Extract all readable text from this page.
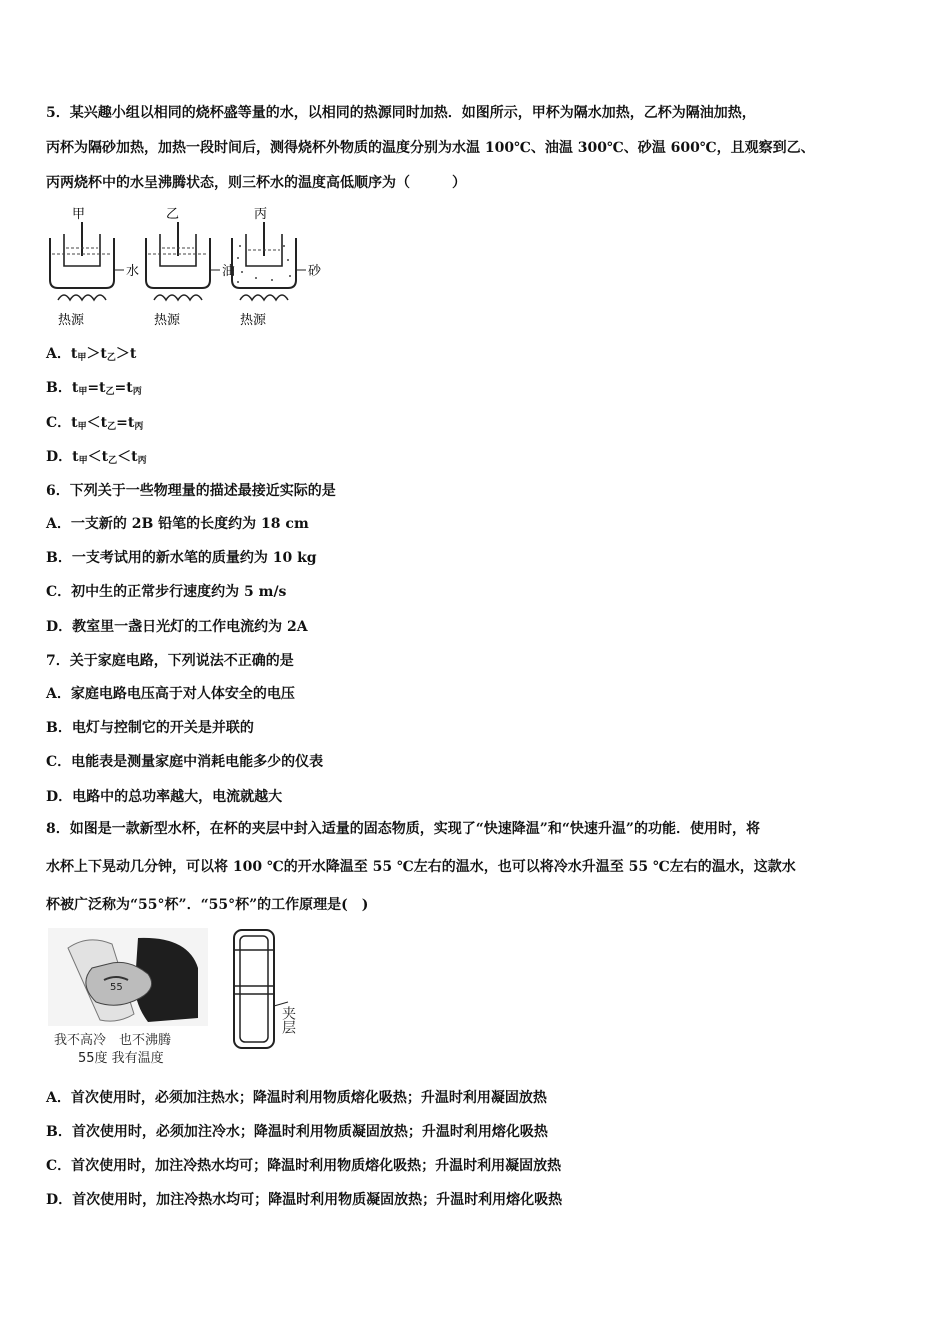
5．某兴趣小组以相同的烧杯盛等量的水，以相同的热源同时加热．如图所示，甲杯为隔水加热，乙杯为隔油加热，
丙杯为隔砂加热，加热一段时间后，测得烧杯外物质的温度分别为水温 100℃、油温 300℃、砂温 600℃，且观察到乙、
丙两烧杯中的水呈沸腾状态，则三杯水的温度高低顺序为（　　　）
甲
水
热源
乙
油
热源
丙
砂
热源
A．$t_甲>t_乙>t$
B．$t_甲=t_乙=t_丙$
C．$t_甲<t_乙=t_丙$
D．$t_甲<t_乙<t_丙$
6．下列关于一些物理量的描述最接近实际的是
A．一支新的 2B 铅笔的长度约为 18 cm
B．一支考试用的新水笔的质量约为 10 kg
C．初中生的正常步行速度约为 5 m/s
D．教室里一盏日光灯的工作电流约为 2A
7．关于家庭电路，下列说法不正确的是
A．家庭电路电压高于对人体安全的电压
B．电灯与控制它的开关是并联的
C．电能表是测量家庭中消耗电能多少的仪表
D．电路中的总功率越大，电流就越大
8．如图是一款新型水杯，在杯的夹层中封入适量的固态物质，实现了“快速降温”和“快速升温”的功能．使用时，将
水杯上下晃动几分钟，可以将 100 ℃的开水降温至 55 ℃左右的温水，也可以将冷水升温至 55 ℃左右的温水，这款水
杯被广泛称为“55°杯”．“55°杯”的工作原理是(　)
55
我不高冷　也不沸腾
55度 我有温度
夹层
A．首次使用时，必须加注热水；降温时利用物质熔化吸热；升温时利用凝固放热
B．首次使用时，必须加注冷水；降温时利用物质凝固放热；升温时利用熔化吸热
C．首次使用时，加注冷热水均可；降温时利用物质熔化吸热；升温时利用凝固放热
D．首次使用时，加注冷热水均可；降温时利用物质凝固放热；升温时利用熔化吸热
